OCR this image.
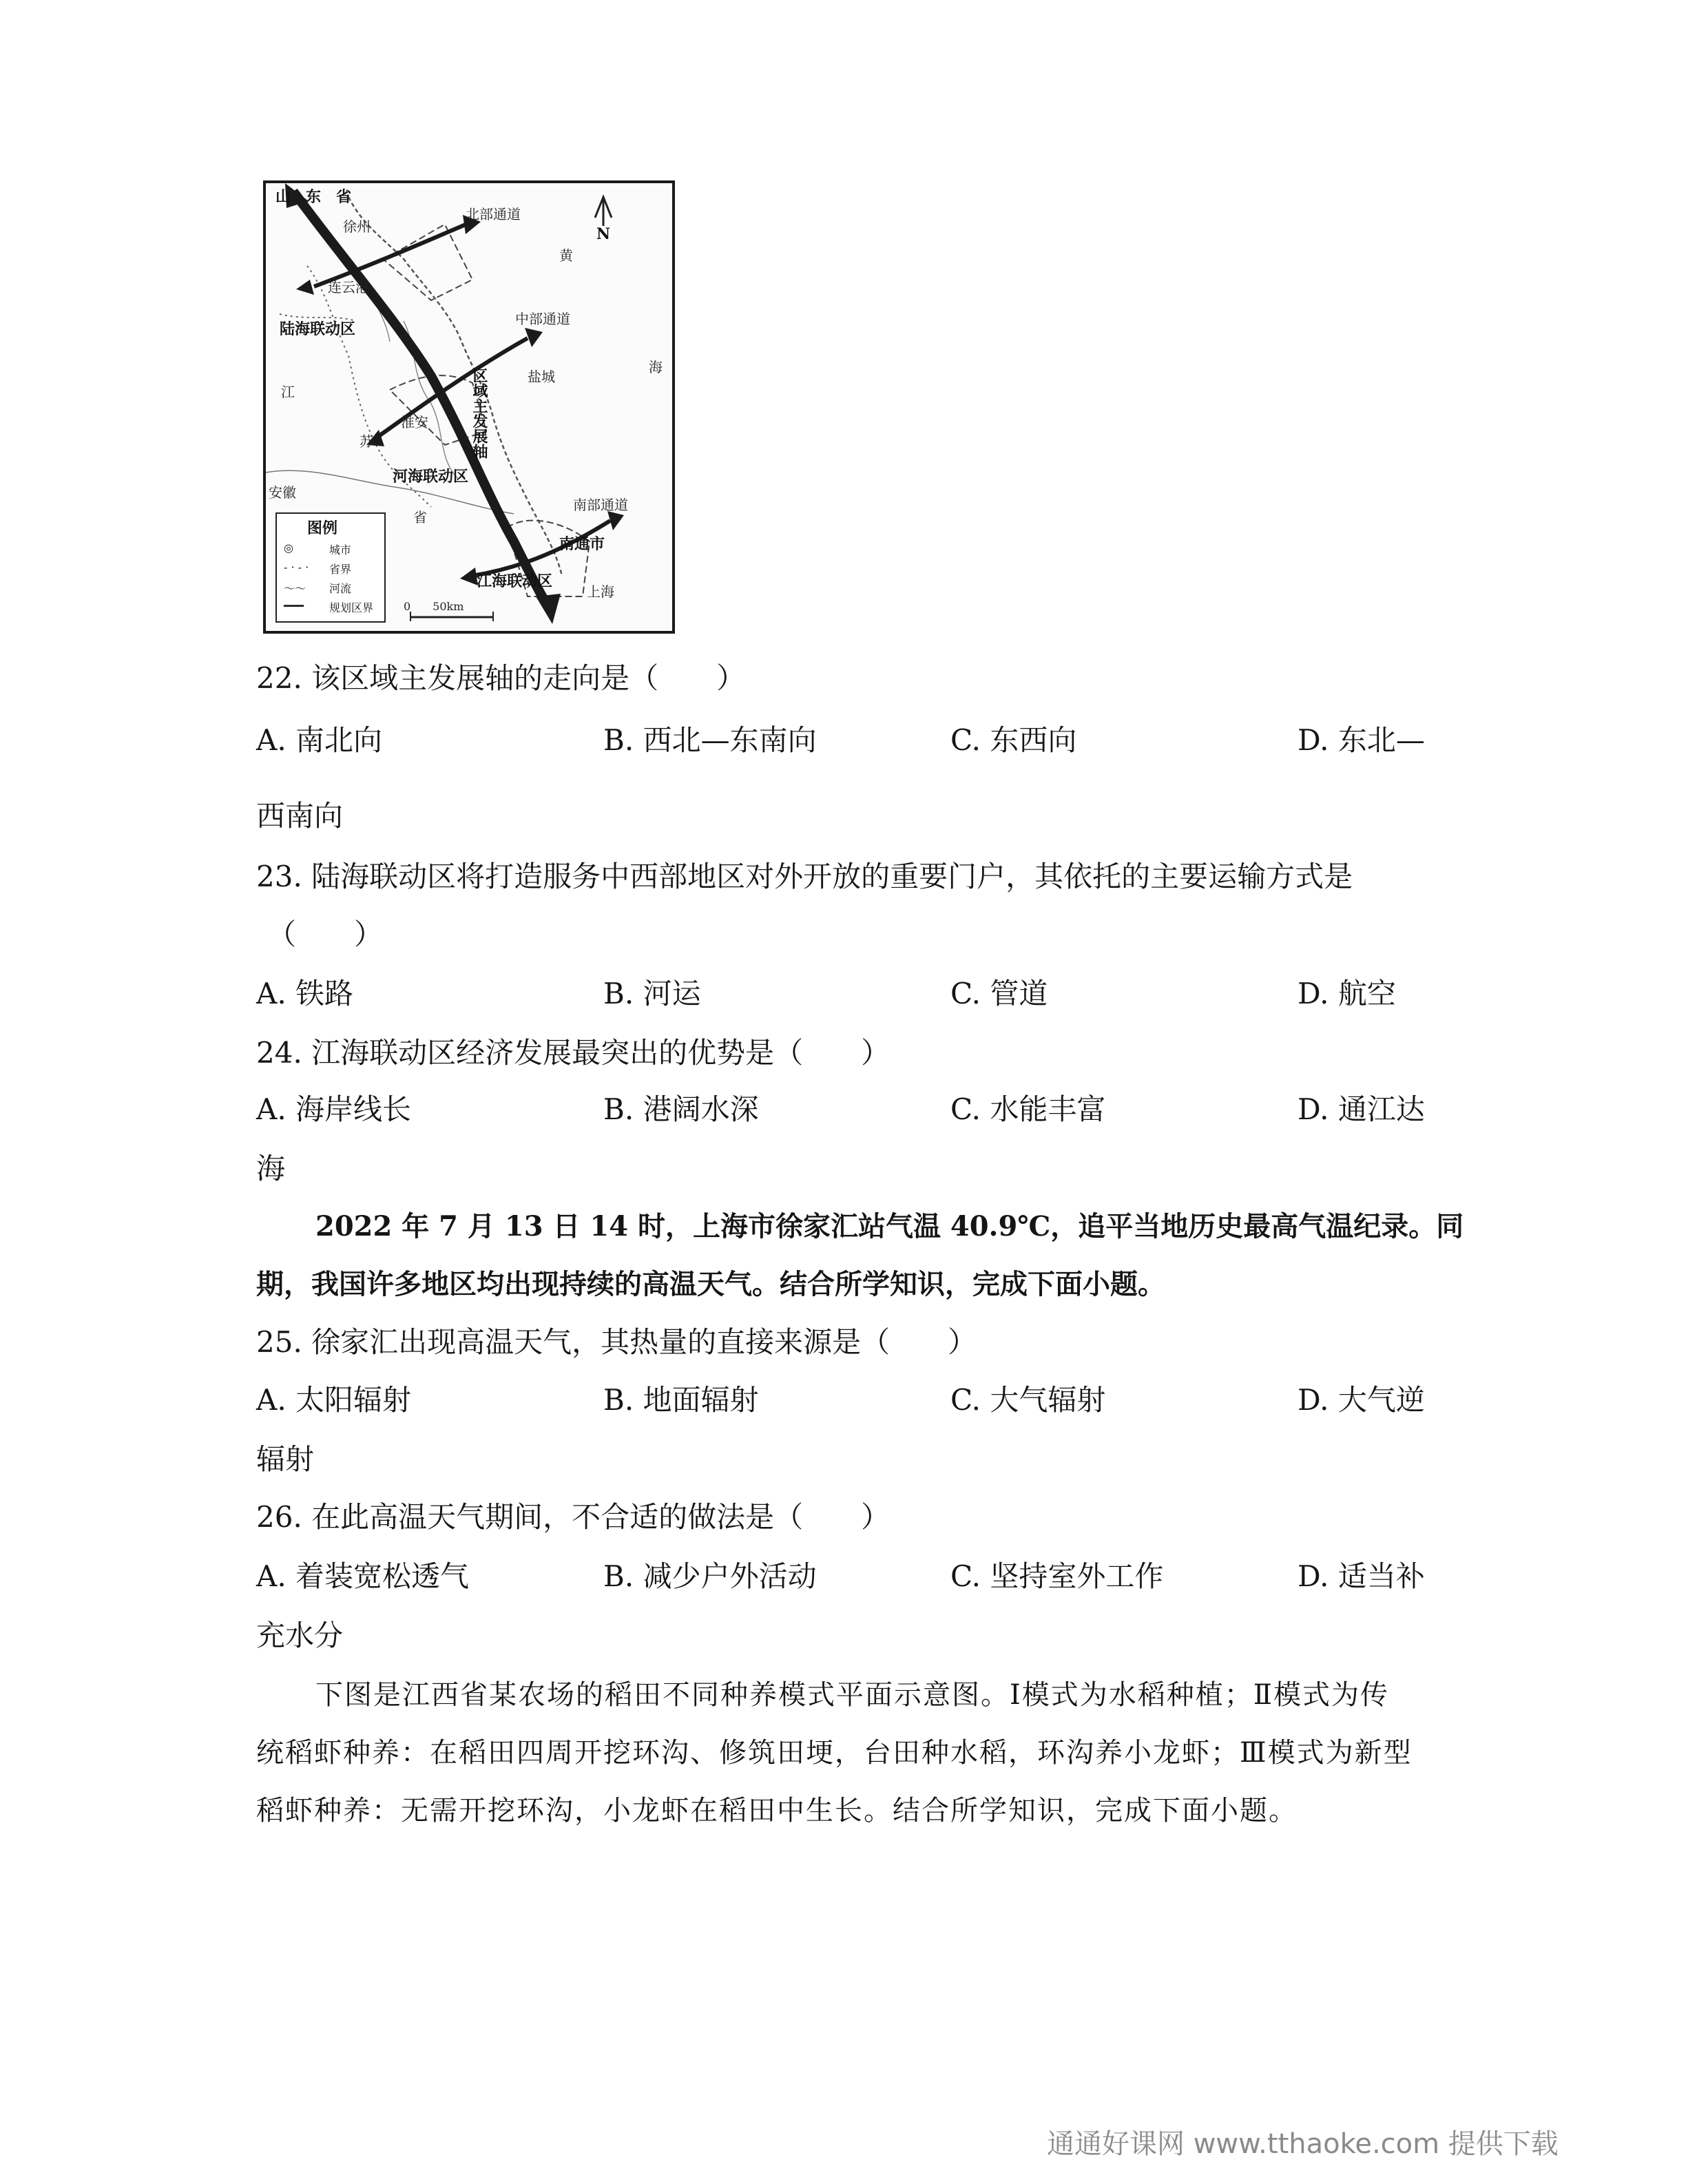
山　东　省
北部通道
徐州
连云港
陆海联动区
江
中部通道
区域主发展轴
淮安
盐城
苏
河海联动区
安徽
省
南部通道
南通市
江海联动区
上海
黄
海
0　　50km
N
图例
◎	城市
- · - · 省界
～～ 河流
━━━ 规划区界
22. 该区域主发展轴的走向是（　　）
A. 南北向	B. 西北—东南向	C. 东西向	D. 东北—
西南向
23. 陆海联动区将打造服务中西部地区对外开放的重要门户，其依托的主要运输方式是
（　　）
A. 铁路	B. 河运	C. 管道	D. 航空
24. 江海联动区经济发展最突出的优势是（　　）
A. 海岸线长	B. 港阔水深	C. 水能丰富	D. 通江达
海
2022 年 7 月 13 日 14 时，上海市徐家汇站气温 40.9℃，追平当地历史最高气温纪录。同
期，我国许多地区均出现持续的高温天气。结合所学知识，完成下面小题。
25. 徐家汇出现高温天气，其热量的直接来源是（　　）
A. 太阳辐射	B. 地面辐射	C. 大气辐射	D. 大气逆
辐射
26. 在此高温天气期间，不合适的做法是（　　）
A. 着装宽松透气	B. 减少户外活动	C. 坚持室外工作	D. 适当补
充水分
下图是江西省某农场的稻田不同种养模式平面示意图。Ⅰ模式为水稻种植；Ⅱ模式为传
统稻虾种养：在稻田四周开挖环沟、修筑田埂，台田种水稻，环沟养小龙虾；Ⅲ模式为新型
稻虾种养：无需开挖环沟，小龙虾在稻田中生长。结合所学知识，完成下面小题。
通通好课网 www.tthaoke.com 提供下载
